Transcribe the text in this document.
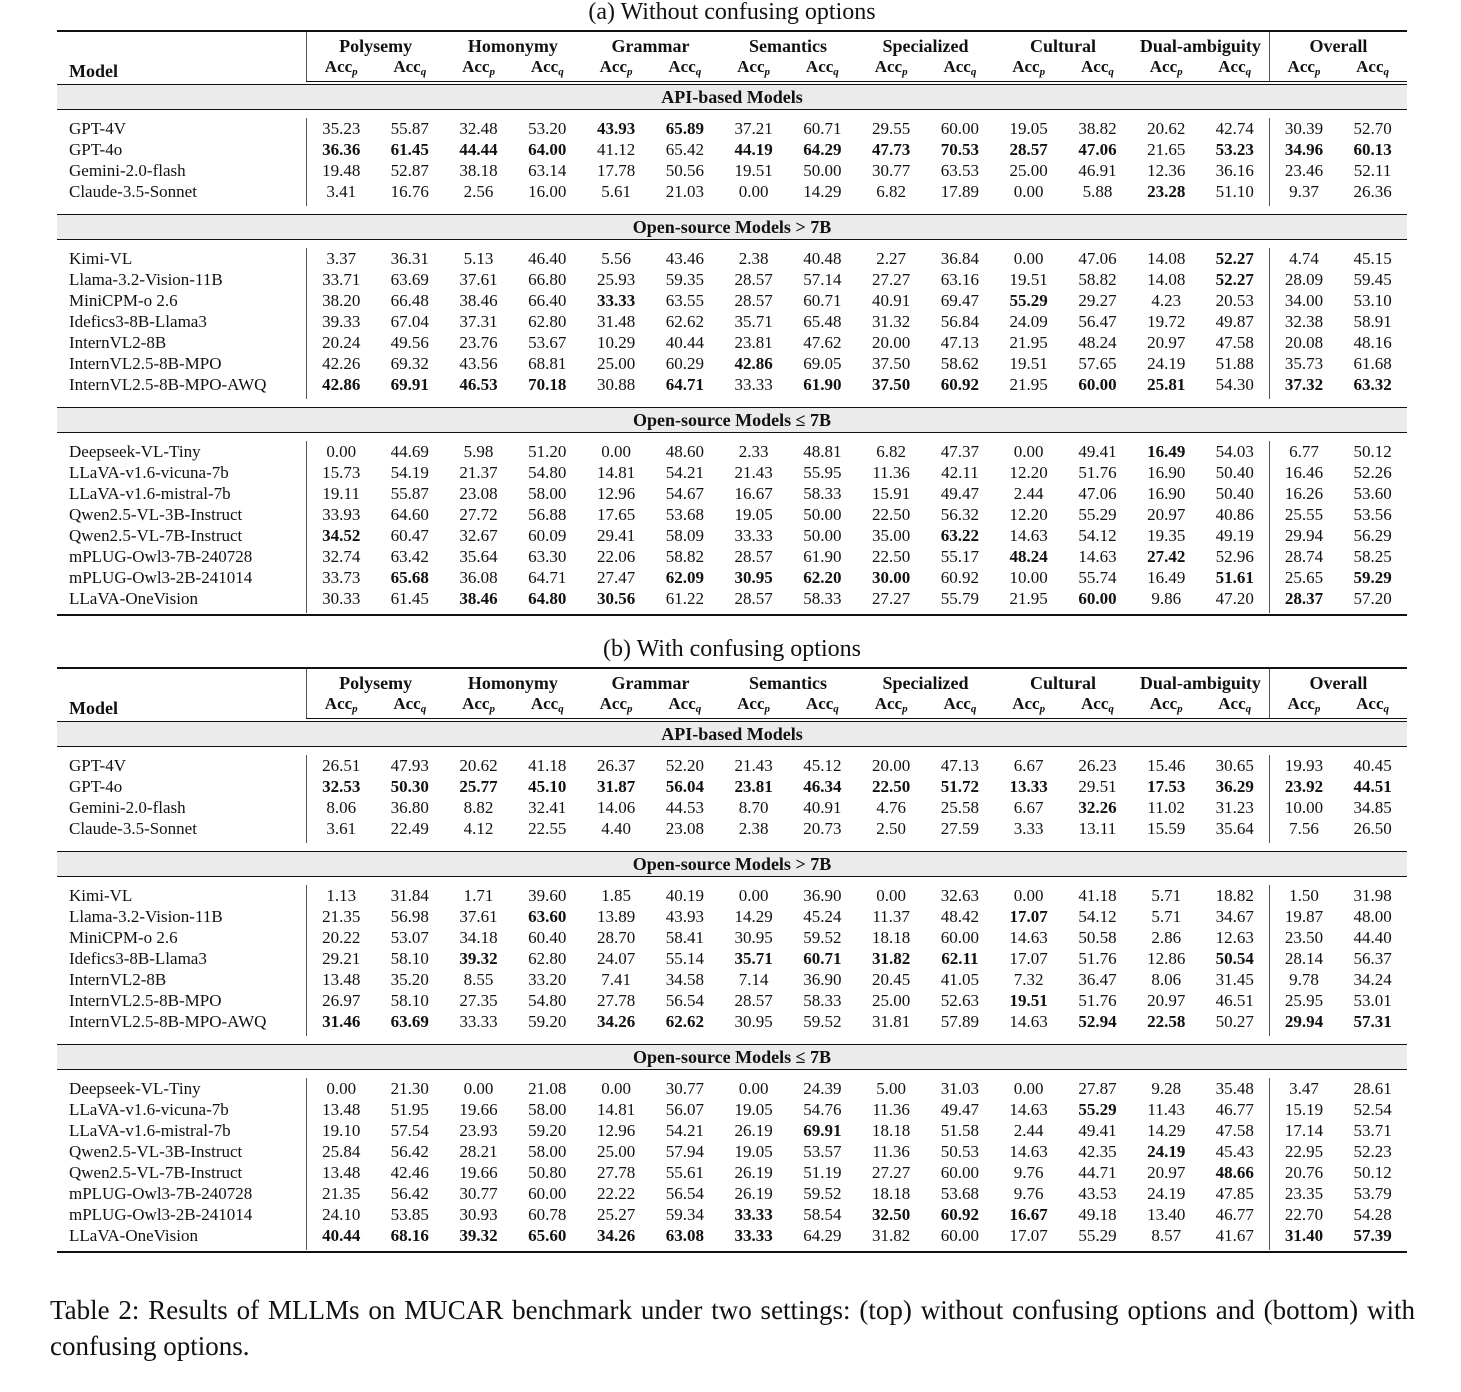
(a) Without confusing options
Model	Polysemy		Homonymy		Grammar		Semantics		Specialized		Cultural		Dual-ambiguity		Overall	
	Acc$_p$	Acc$_q$	Acc$_p$	Acc$_q$	Acc$_p$	Acc$_q$	Acc$_p$	Acc$_q$	Acc$_p$	Acc$_q$	Acc$_p$	Acc$_q$	Acc$_p$	Acc$_q$	Acc$_p$	Acc$_q$

API-based Models																

GPT-4V	35.23	55.87	32.48	53.20	43.93	65.89	37.21	60.71	29.55	60.00	19.05	38.82	20.62	42.74	30.39	52.70
GPT-4o	36.36	61.45	44.44	64.00	41.12	65.42	44.19	64.29	47.73	70.53	28.57	47.06	21.65	53.23	34.96	60.13
Gemini-2.0-flash	19.48	52.87	38.18	63.14	17.78	50.56	19.51	50.00	30.77	63.53	25.00	46.91	12.36	36.16	23.46	52.11
Claude-3.5-Sonnet	3.41	16.76	2.56	16.00	5.61	21.03	0.00	14.29	6.82	17.89	0.00	5.88	23.28	51.10	9.37	26.36

Open-source Models > 7B																

Kimi-VL	3.37	36.31	5.13	46.40	5.56	43.46	2.38	40.48	2.27	36.84	0.00	47.06	14.08	52.27	4.74	45.15
Llama-3.2-Vision-11B	33.71	63.69	37.61	66.80	25.93	59.35	28.57	57.14	27.27	63.16	19.51	58.82	14.08	52.27	28.09	59.45
MiniCPM-o 2.6	38.20	66.48	38.46	66.40	33.33	63.55	28.57	60.71	40.91	69.47	55.29	29.27	4.23	20.53	34.00	53.10
Idefics3-8B-Llama3	39.33	67.04	37.31	62.80	31.48	62.62	35.71	65.48	31.32	56.84	24.09	56.47	19.72	49.87	32.38	58.91
InternVL2-8B	20.24	49.56	23.76	53.67	10.29	40.44	23.81	47.62	20.00	47.13	21.95	48.24	20.97	47.58	20.08	48.16
InternVL2.5-8B-MPO	42.26	69.32	43.56	68.81	25.00	60.29	42.86	69.05	37.50	58.62	19.51	57.65	24.19	51.88	35.73	61.68
InternVL2.5-8B-MPO-AWQ	42.86	69.91	46.53	70.18	30.88	64.71	33.33	61.90	37.50	60.92	21.95	60.00	25.81	54.30	37.32	63.32

Open-source Models ≤ 7B																

Deepseek-VL-Tiny	0.00	44.69	5.98	51.20	0.00	48.60	2.33	48.81	6.82	47.37	0.00	49.41	16.49	54.03	6.77	50.12
LLaVA-v1.6-vicuna-7b	15.73	54.19	21.37	54.80	14.81	54.21	21.43	55.95	11.36	42.11	12.20	51.76	16.90	50.40	16.46	52.26
LLaVA-v1.6-mistral-7b	19.11	55.87	23.08	58.00	12.96	54.67	16.67	58.33	15.91	49.47	2.44	47.06	16.90	50.40	16.26	53.60
Qwen2.5-VL-3B-Instruct	33.93	64.60	27.72	56.88	17.65	53.68	19.05	50.00	22.50	56.32	12.20	55.29	20.97	40.86	25.55	53.56
Qwen2.5-VL-7B-Instruct	34.52	60.47	32.67	60.09	29.41	58.09	33.33	50.00	35.00	63.22	14.63	54.12	19.35	49.19	29.94	56.29
mPLUG-Owl3-7B-240728	32.74	63.42	35.64	63.30	22.06	58.82	28.57	61.90	22.50	55.17	48.24	14.63	27.42	52.96	28.74	58.25
mPLUG-Owl3-2B-241014	33.73	65.68	36.08	64.71	27.47	62.09	30.95	62.20	30.00	60.92	10.00	55.74	16.49	51.61	25.65	59.29
LLaVA-OneVision	30.33	61.45	38.46	64.80	30.56	61.22	28.57	58.33	27.27	55.79	21.95	60.00	9.86	47.20	28.37	57.20

(b) With confusing options
Model	Polysemy		Homonymy		Grammar		Semantics		Specialized		Cultural		Dual-ambiguity		Overall	
	Acc$_p$	Acc$_q$	Acc$_p$	Acc$_q$	Acc$_p$	Acc$_q$	Acc$_p$	Acc$_q$	Acc$_p$	Acc$_q$	Acc$_p$	Acc$_q$	Acc$_p$	Acc$_q$	Acc$_p$	Acc$_q$

API-based Models																

GPT-4V	26.51	47.93	20.62	41.18	26.37	52.20	21.43	45.12	20.00	47.13	6.67	26.23	15.46	30.65	19.93	40.45
GPT-4o	32.53	50.30	25.77	45.10	31.87	56.04	23.81	46.34	22.50	51.72	13.33	29.51	17.53	36.29	23.92	44.51
Gemini-2.0-flash	8.06	36.80	8.82	32.41	14.06	44.53	8.70	40.91	4.76	25.58	6.67	32.26	11.02	31.23	10.00	34.85
Claude-3.5-Sonnet	3.61	22.49	4.12	22.55	4.40	23.08	2.38	20.73	2.50	27.59	3.33	13.11	15.59	35.64	7.56	26.50

Open-source Models > 7B																

Kimi-VL	1.13	31.84	1.71	39.60	1.85	40.19	0.00	36.90	0.00	32.63	0.00	41.18	5.71	18.82	1.50	31.98
Llama-3.2-Vision-11B	21.35	56.98	37.61	63.60	13.89	43.93	14.29	45.24	11.37	48.42	17.07	54.12	5.71	34.67	19.87	48.00
MiniCPM-o 2.6	20.22	53.07	34.18	60.40	28.70	58.41	30.95	59.52	18.18	60.00	14.63	50.58	2.86	12.63	23.50	44.40
Idefics3-8B-Llama3	29.21	58.10	39.32	62.80	24.07	55.14	35.71	60.71	31.82	62.11	17.07	51.76	12.86	50.54	28.14	56.37
InternVL2-8B	13.48	35.20	8.55	33.20	7.41	34.58	7.14	36.90	20.45	41.05	7.32	36.47	8.06	31.45	9.78	34.24
InternVL2.5-8B-MPO	26.97	58.10	27.35	54.80	27.78	56.54	28.57	58.33	25.00	52.63	19.51	51.76	20.97	46.51	25.95	53.01
InternVL2.5-8B-MPO-AWQ	31.46	63.69	33.33	59.20	34.26	62.62	30.95	59.52	31.81	57.89	14.63	52.94	22.58	50.27	29.94	57.31

Open-source Models ≤ 7B																

Deepseek-VL-Tiny	0.00	21.30	0.00	21.08	0.00	30.77	0.00	24.39	5.00	31.03	0.00	27.87	9.28	35.48	3.47	28.61
LLaVA-v1.6-vicuna-7b	13.48	51.95	19.66	58.00	14.81	56.07	19.05	54.76	11.36	49.47	14.63	55.29	11.43	46.77	15.19	52.54
LLaVA-v1.6-mistral-7b	19.10	57.54	23.93	59.20	12.96	54.21	26.19	69.91	18.18	51.58	2.44	49.41	14.29	47.58	17.14	53.71
Qwen2.5-VL-3B-Instruct	25.84	56.42	28.21	58.00	25.00	57.94	19.05	53.57	11.36	50.53	14.63	42.35	24.19	45.43	22.95	52.23
Qwen2.5-VL-7B-Instruct	13.48	42.46	19.66	50.80	27.78	55.61	26.19	51.19	27.27	60.00	9.76	44.71	20.97	48.66	20.76	50.12
mPLUG-Owl3-7B-240728	21.35	56.42	30.77	60.00	22.22	56.54	26.19	59.52	18.18	53.68	9.76	43.53	24.19	47.85	23.35	53.79
mPLUG-Owl3-2B-241014	24.10	53.85	30.93	60.78	25.27	59.34	33.33	58.54	32.50	60.92	16.67	49.18	13.40	46.77	22.70	54.28
LLaVA-OneVision	40.44	68.16	39.32	65.60	34.26	63.08	33.33	64.29	31.82	60.00	17.07	55.29	8.57	41.67	31.40	57.39

Table 2: Results of MLLMs on MUCAR benchmark under two settings: (top) without confusing options and (bottom) with confusing options.
